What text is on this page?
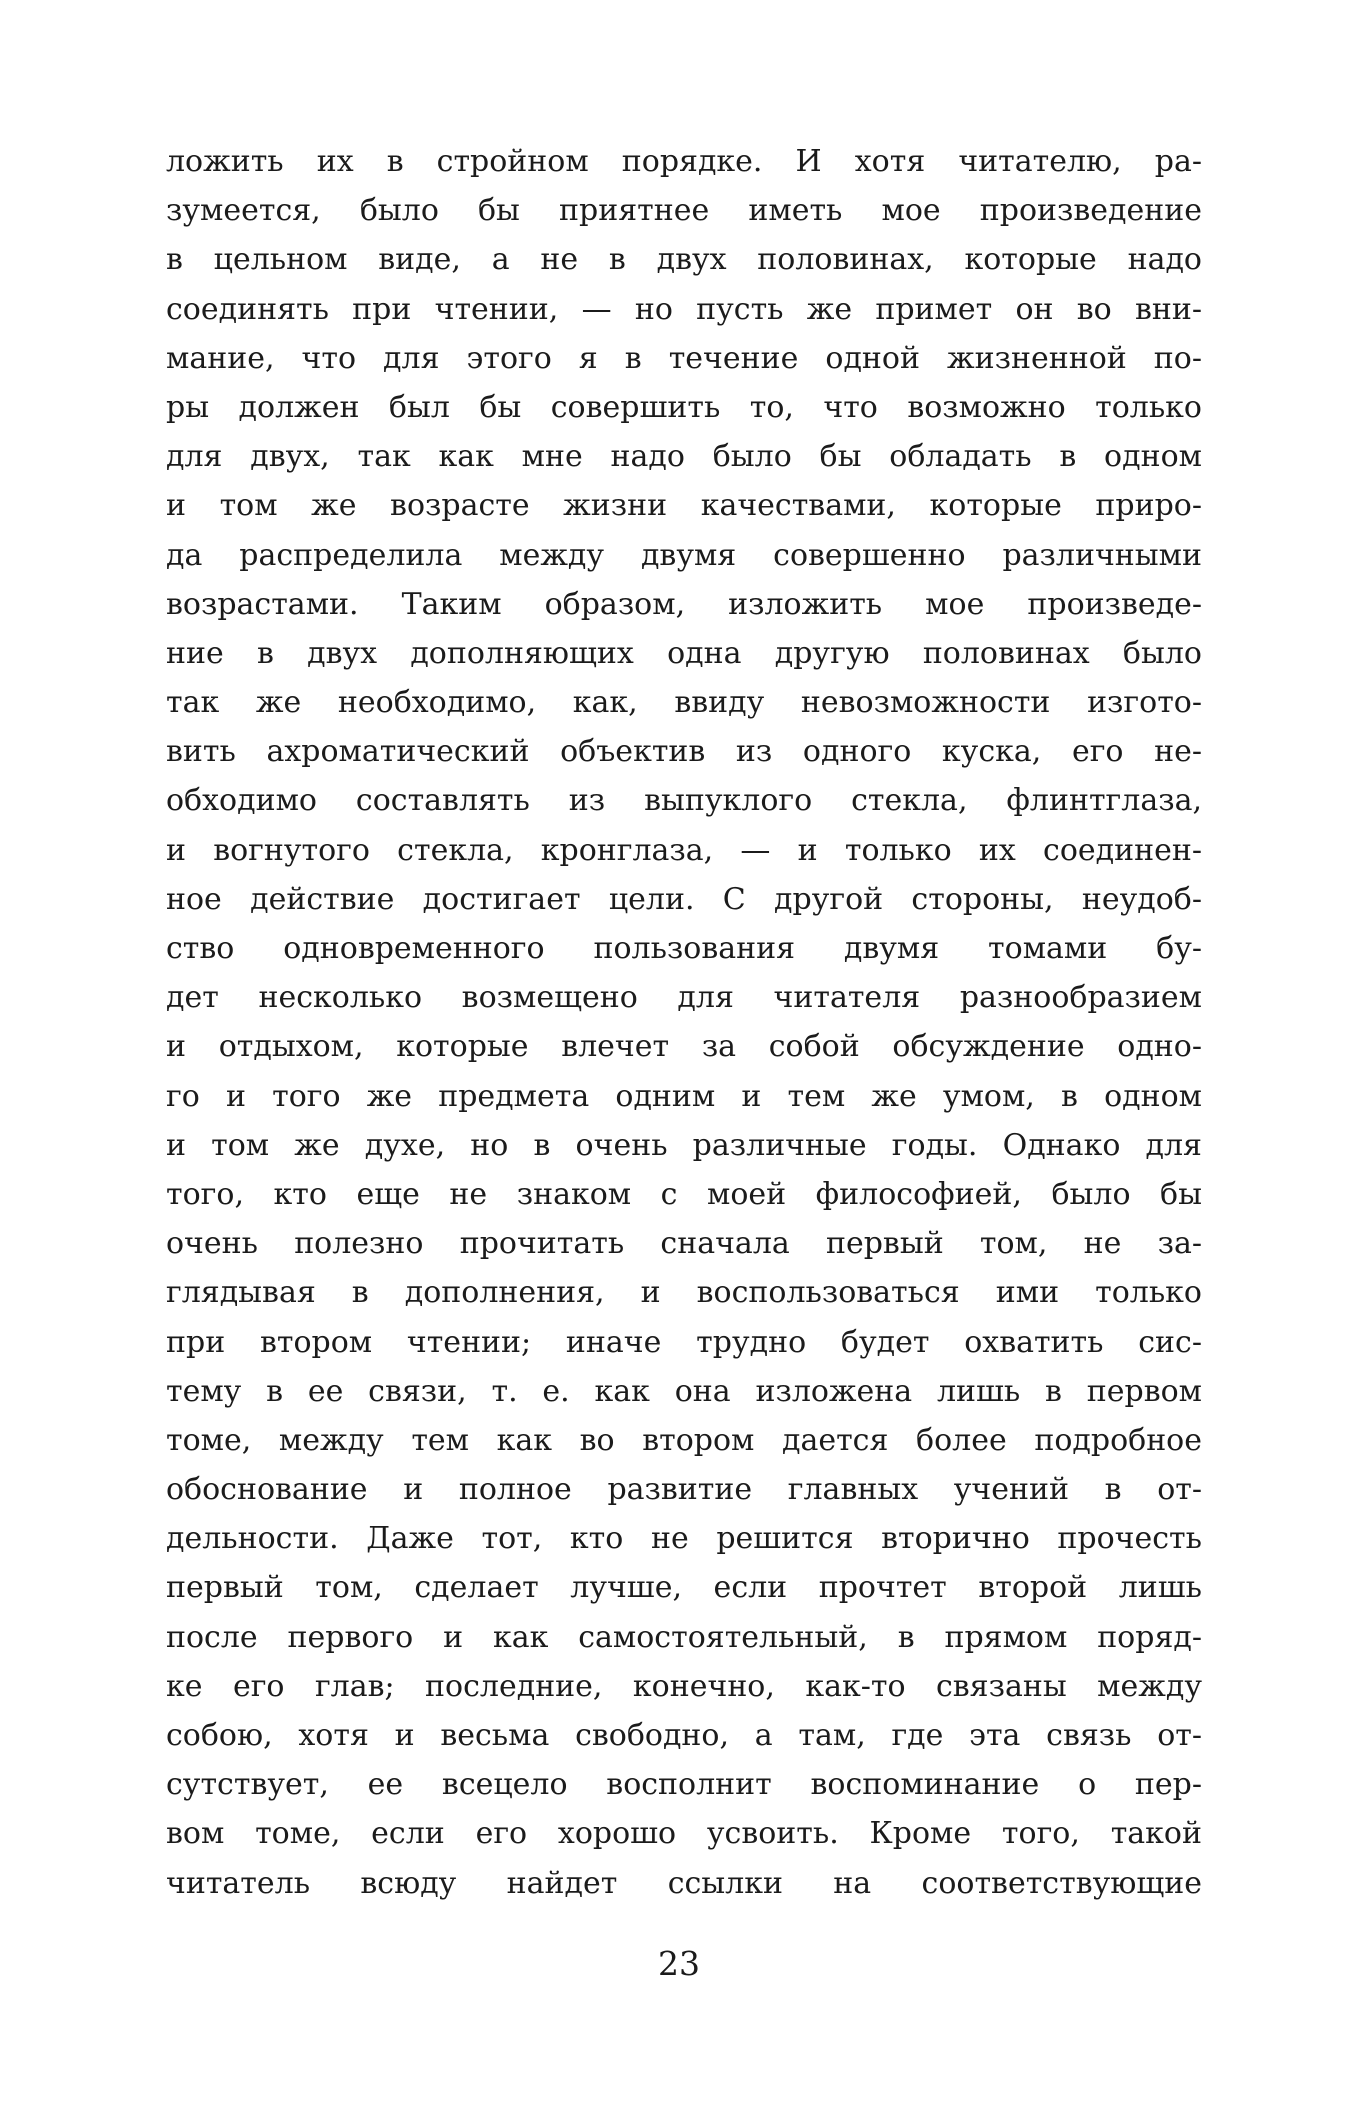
ложить их в стройном порядке. И хотя читателю, ра-
зумеется, было бы приятнее иметь мое произведение
в цельном виде, а не в двух половинах, которые надо
соединять при чтении, — но пусть же примет он во вни-
мание, что для этого я в течение одной жизненной по-
ры должен был бы совершить то, что возможно только
для двух, так как мне надо было бы обладать в одном
и том же возрасте жизни качествами, которые приро-
да распределила между двумя совершенно различными
возрастами. Таким образом, изложить мое произведе-
ние в двух дополняющих одна другую половинах было
так же необходимо, как, ввиду невозможности изгото-
вить ахроматический объектив из одного куска, его не-
обходимо составлять из выпуклого стекла, флинтглаза,
и вогнутого стекла, кронглаза, — и только их соединен-
ное действие достигает цели. С другой стороны, неудоб-
ство одновременного пользования двумя томами бу-
дет несколько возмещено для читателя разнообразием
и отдыхом, которые влечет за собой обсуждение одно-
го и того же предмета одним и тем же умом, в одном
и том же духе, но в очень различные годы. Однако для
того, кто еще не знаком с моей философией, было бы
очень полезно прочитать сначала первый том, не за-
глядывая в дополнения, и воспользоваться ими только
при втором чтении; иначе трудно будет охватить сис-
тему в ее связи, т. е. как она изложена лишь в первом
томе, между тем как во втором дается более подробное
обоснование и полное развитие главных учений в от-
дельности. Даже тот, кто не решится вторично прочесть
первый том, сделает лучше, если прочтет второй лишь
после первого и как самостоятельный, в прямом поряд-
ке его глав; последние, конечно, как-то связаны между
собою, хотя и весьма свободно, а там, где эта связь от-
сутствует, ее всецело восполнит воспоминание о пер-
вом томе, если его хорошо усвоить. Кроме того, такой
читатель всюду найдет ссылки на соответствующие
23
